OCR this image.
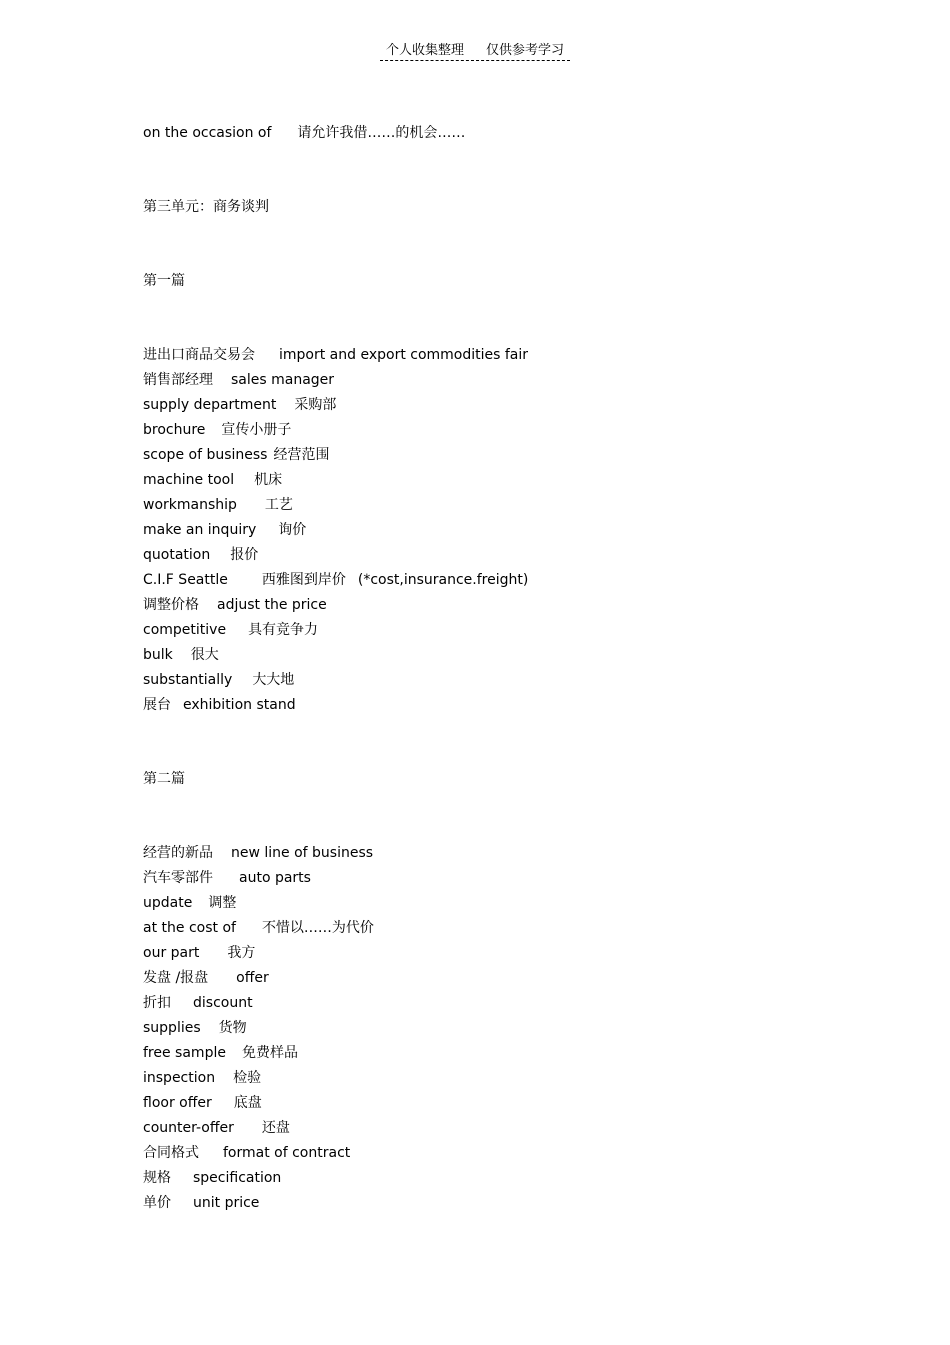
个人收集整理 仅供参考学习
on the occasion of 请允许我借……的机会……
第三单元：商务谈判
第一篇
进出口商品交易会 import and export commodities fair
销售部经理 sales manager
supply department 采购部
brochure 宣传小册子
scope of business 经营范围
machine tool 机床
workmanship 工艺
make an inquiry 询价
quotation 报价
C.I.F Seattle 西雅图到岸价 (*cost,insurance.freight)
调整价格 adjust the price
competitive 具有竞争力
bulk 很大
substantially 大大地
展台 exhibition stand
第二篇
经营的新品 new line of business
汽车零部件 auto parts
update 调整
at the cost of 不惜以……为代价
our part 我方
发盘 /报盘 offer
折扣 discount
supplies 货物
free sample 免费样品
inspection 检验
floor offer 底盘
counter-offer 还盘
合同格式 format of contract
规格 specification
单价 unit price
